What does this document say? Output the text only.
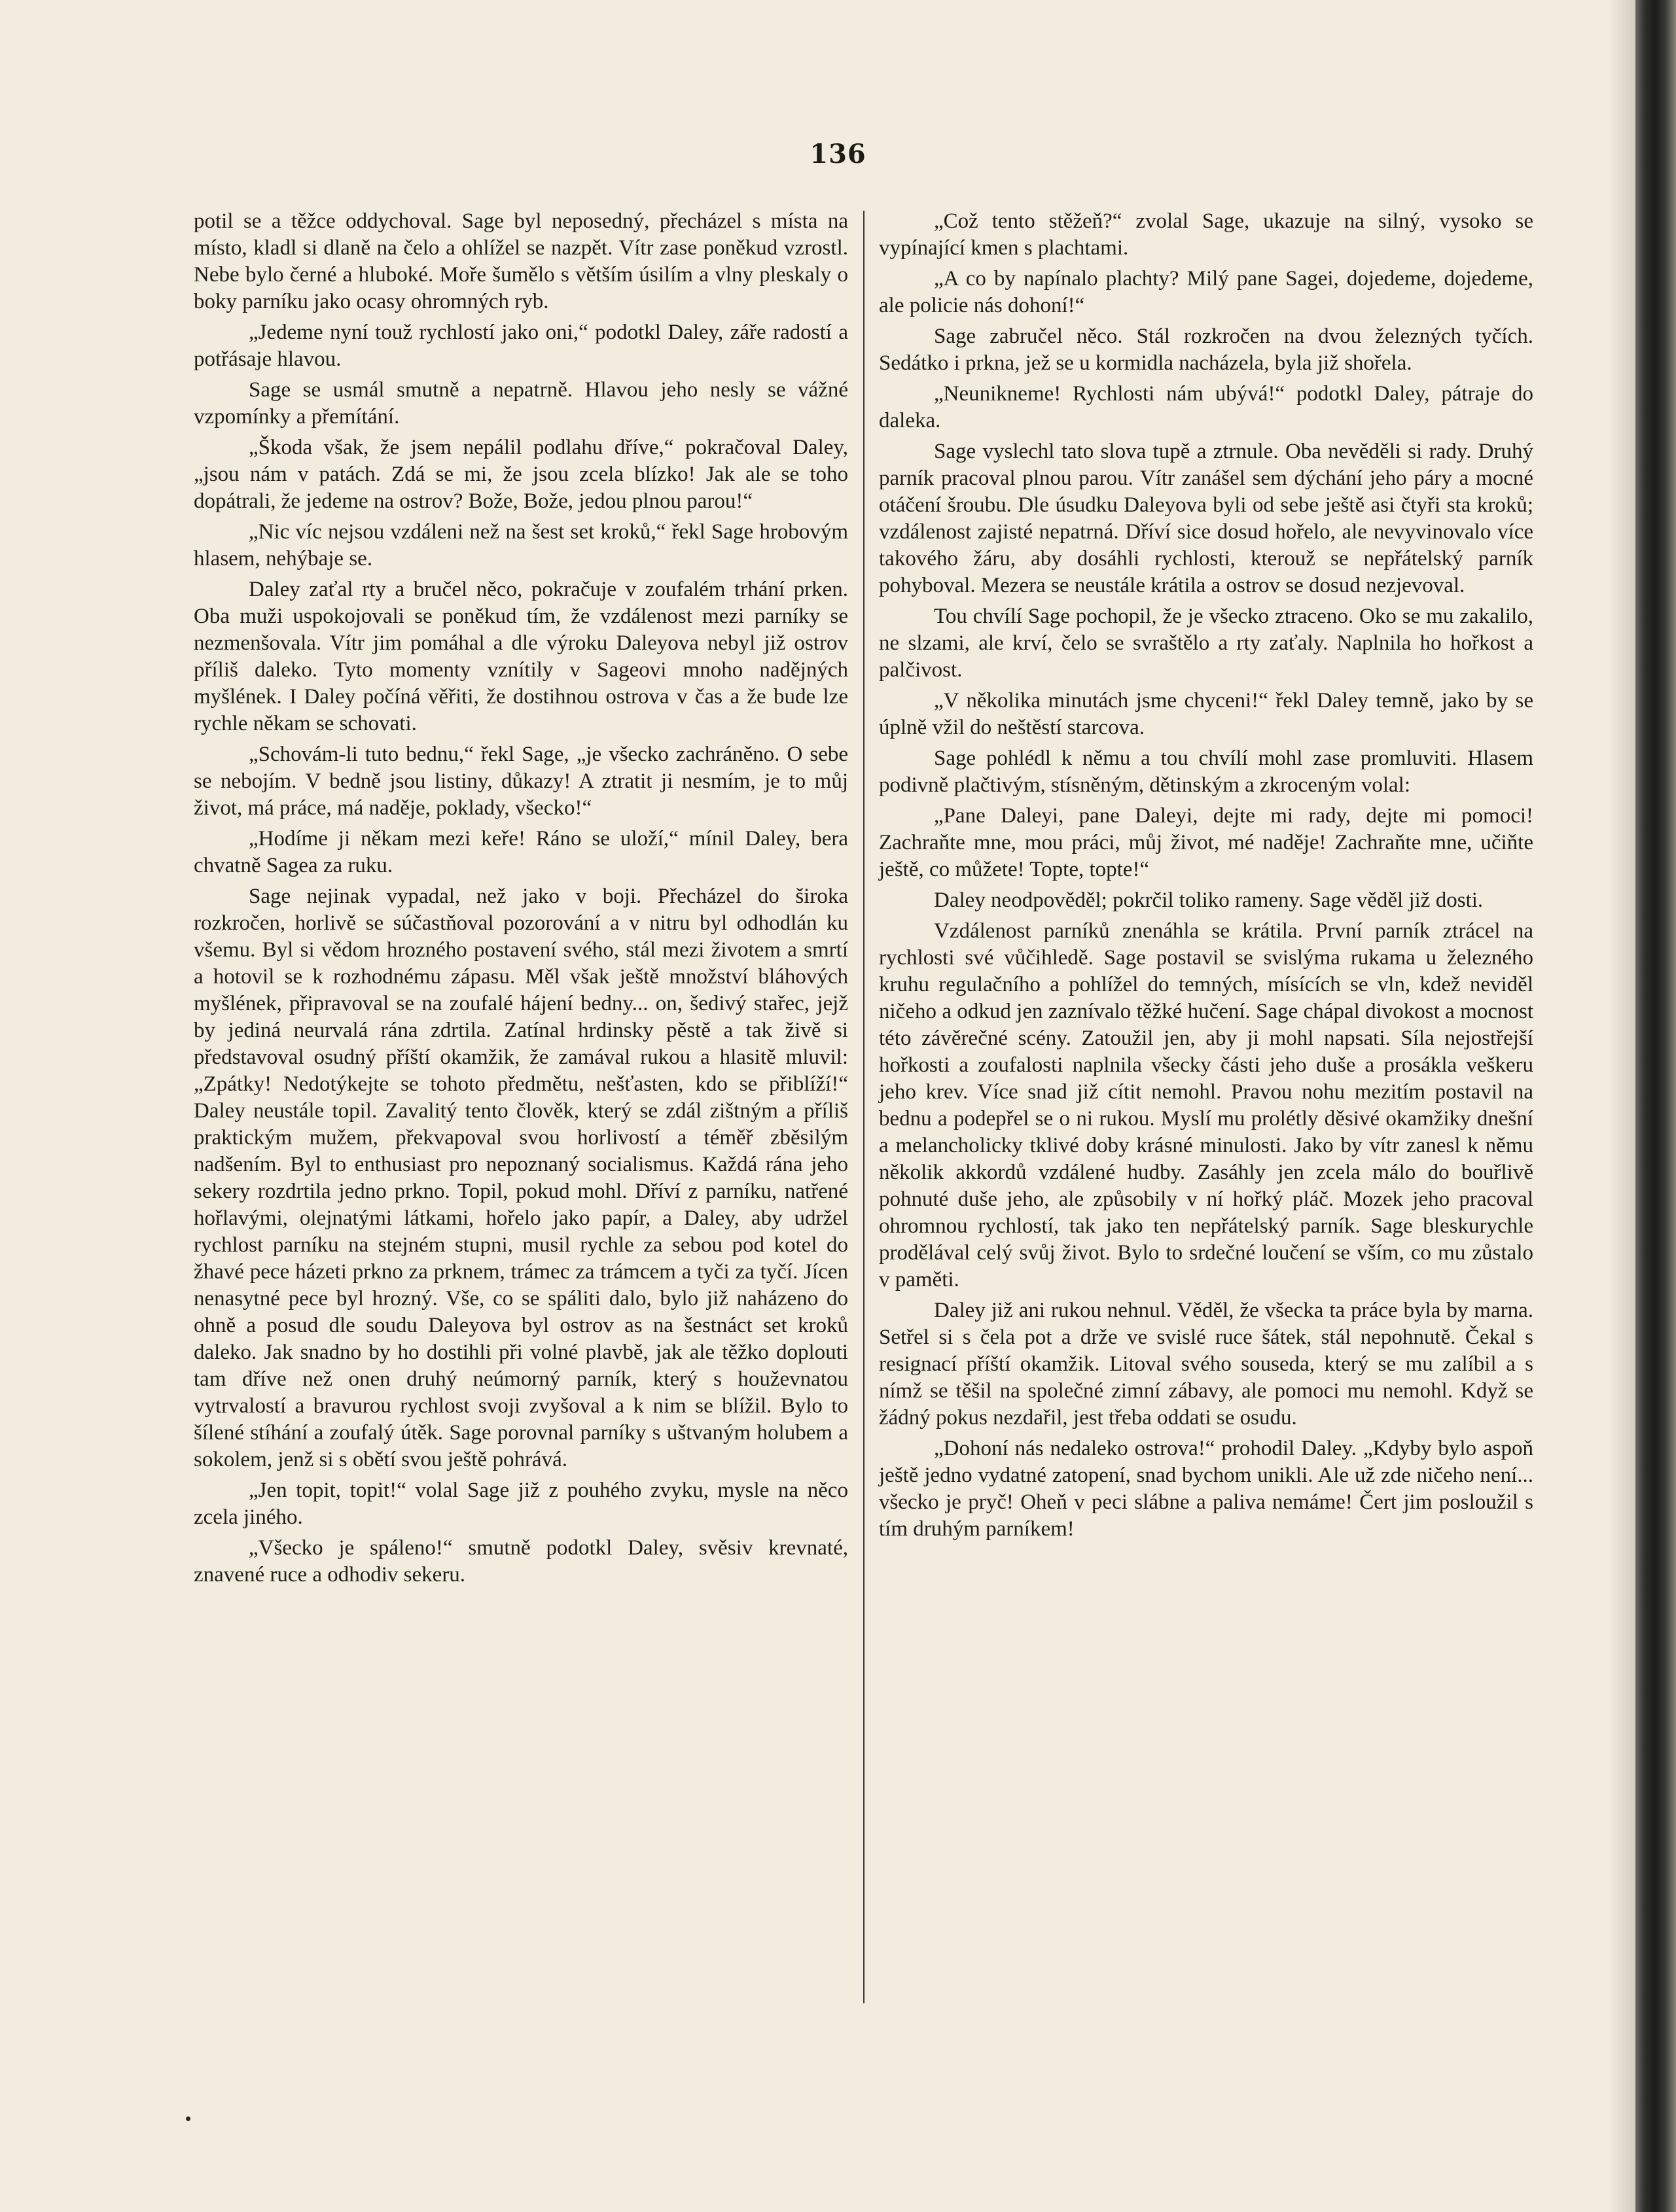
136

potil se a těžce oddychoval. Sage byl neposedný, přecházel s místa na místo, kladl si dlaně na čelo a ohlížel se nazpět. Vítr zase poněkud vzrostl. Nebe bylo černé a hluboké. Moře šumělo s větším úsilím a vlny pleskaly o boky parníku jako ocasy ohromných ryb.

„Jedeme nyní touž rychlostí jako oni,“ podotkl Daley, záře radostí a potřásaje hlavou.

Sage se usmál smutně a nepatrně. Hlavou jeho nesly se vážné vzpomínky a přemítání.

„Škoda však, že jsem nepálil podlahu dříve,“ pokračoval Daley, „jsou nám v patách. Zdá se mi, že jsou zcela blízko! Jak ale se toho dopátrali, že jedeme na ostrov? Bože, Bože, jedou plnou parou!“

„Nic víc nejsou vzdáleni než na šest set kroků,“ řekl Sage hrobovým hlasem, nehýbaje se.

Daley zaťal rty a bručel něco, pokračuje v zoufalém trhání prken. Oba muži uspokojovali se poněkud tím, že vzdálenost mezi parníky se nezmenšovala. Vítr jim pomáhal a dle výroku Daleyova nebyl již ostrov příliš daleko. Tyto momenty vznítily v Sageovi mnoho nadějných myšlének. I Daley počíná věřiti, že dostihnou ostrova v čas a že bude lze rychle někam se schovati.

„Schovám-li tuto bednu,“ řekl Sage, „je všecko zachráněno. O sebe se nebojím. V bedně jsou listiny, důkazy! A ztratit ji nesmím, je to můj život, má práce, má naděje, poklady, všecko!“

„Hodíme ji někam mezi keře! Ráno se uloží,“ mínil Daley, bera chvatně Sagea za ruku.

Sage nejinak vypadal, než jako v boji. Přecházel do široka rozkročen, horlivě se súčastňoval pozorování a v nitru byl odhodlán ku všemu. Byl si vědom hrozného postavení svého, stál mezi životem a smrtí a hotovil se k rozhodnému zápasu. Měl však ještě množství bláhových myšlének, připravoval se na zoufalé hájení bedny... on, šedivý stařec, jejž by jediná neurvalá rána zdrtila. Zatínal hrdinsky pěstě a tak živě si představoval osudný příští okamžik, že zamával rukou a hlasitě mluvil: „Zpátky! Nedotýkejte se tohoto předmětu, nešťasten, kdo se přiblíží!“ Daley neustále topil. Zavalitý tento člověk, který se zdál zištným a příliš praktickým mužem, překvapoval svou horlivostí a téměř zběsilým nadšením. Byl to enthusiast pro nepoznaný socialismus. Každá rána jeho sekery rozdrtila jedno prkno. Topil, pokud mohl. Dříví z parníku, natřené hořlavými, olejnatými látkami, hořelo jako papír, a Daley, aby udržel rychlost parníku na stejném stupni, musil rychle za sebou pod kotel do žhavé pece házeti prkno za prknem, trámec za trámcem a tyči za tyčí. Jícen nenasytné pece byl hrozný. Vše, co se spáliti dalo, bylo již naházeno do ohně a posud dle soudu Daleyova byl ostrov as na šestnáct set kroků daleko. Jak snadno by ho dostihli při volné plavbě, jak ale těžko doplouti tam dříve než onen druhý neúmorný parník, který s houževnatou vytrvalostí a bravurou rychlost svoji zvyšoval a k nim se blížil. Bylo to šílené stíhání a zoufalý útěk. Sage porovnal parníky s uštvaným holubem a sokolem, jenž si s obětí svou ještě pohrává.

„Jen topit, topit!“ volal Sage již z pouhého zvyku, mysle na něco zcela jiného.

„Všecko je spáleno!“ smutně podotkl Daley, svěsiv krevnaté, znavené ruce a odhodiv sekeru.

„Což tento stěžeň?“ zvolal Sage, ukazuje na silný, vysoko se vypínající kmen s plachtami.

„A co by napínalo plachty? Milý pane Sagei, dojedeme, dojedeme, ale policie nás dohoní!“

Sage zabručel něco. Stál rozkročen na dvou železných tyčích. Sedátko i prkna, jež se u kormidla nacházela, byla již shořela.

„Neunikneme! Rychlosti nám ubývá!“ podotkl Daley, pátraje do daleka.

Sage vyslechl tato slova tupě a ztrnule. Oba nevěděli si rady. Druhý parník pracoval plnou parou. Vítr zanášel sem dýchání jeho páry a mocné otáčení šroubu. Dle úsudku Daleyova byli od sebe ještě asi čtyři sta kroků; vzdálenost zajisté nepatrná. Dříví sice dosud hořelo, ale nevyvinovalo více takového žáru, aby dosáhli rychlosti, kterouž se nepřátelský parník pohyboval. Mezera se neustále krátila a ostrov se dosud nezjevoval.

Tou chvílí Sage pochopil, že je všecko ztraceno. Oko se mu zakalilo, ne slzami, ale krví, čelo se svraštělo a rty zaťaly. Naplnila ho hořkost a palčivost.

„V několika minutách jsme chyceni!“ řekl Daley temně, jako by se úplně vžil do neštěstí starcova.

Sage pohlédl k němu a tou chvílí mohl zase promluviti. Hlasem podivně plačtivým, stísněným, dětinským a zkroceným volal:

„Pane Daleyi, pane Daleyi, dejte mi rady, dejte mi pomoci! Zachraňte mne, mou práci, můj život, mé naděje! Zachraňte mne, učiňte ještě, co můžete! Topte, topte!“

Daley neodpověděl; pokrčil toliko rameny. Sage věděl již dosti.

Vzdálenost parníků znenáhla se krátila. První parník ztrácel na rychlosti své vůčihledě. Sage postavil se svislýma rukama u železného kruhu regulačního a pohlížel do temných, mísících se vln, kdež neviděl ničeho a odkud jen zaznívalo těžké hučení. Sage chápal divokost a mocnost této závěrečné scény. Zatoužil jen, aby ji mohl napsati. Síla nejostřejší hořkosti a zoufalosti naplnila všecky části jeho duše a prosákla veškeru jeho krev. Více snad již cítit nemohl. Pravou nohu mezitím postavil na bednu a podepřel se o ni rukou. Myslí mu prolétly děsivé okamžiky dnešní a melancholicky tklivé doby krásné minulosti. Jako by vítr zanesl k němu několik akkordů vzdálené hudby. Zasáhly jen zcela málo do bouřlivě pohnuté duše jeho, ale způsobily v ní hořký pláč. Mozek jeho pracoval ohromnou rychlostí, tak jako ten nepřátelský parník. Sage bleskurychle prodělával celý svůj život. Bylo to srdečné loučení se vším, co mu zůstalo v paměti.

Daley již ani rukou nehnul. Věděl, že všecka ta práce byla by marna. Setřel si s čela pot a drže ve svislé ruce šátek, stál nepohnutě. Čekal s resignací příští okamžik. Litoval svého souseda, který se mu zalíbil a s nímž se těšil na společné zimní zábavy, ale pomoci mu nemohl. Když se žádný pokus nezdařil, jest třeba oddati se osudu.

„Dohoní nás nedaleko ostrova!“ prohodil Daley. „Kdyby bylo aspoň ještě jedno vydatné zatopení, snad bychom unikli. Ale už zde ničeho není... všecko je pryč! Oheň v peci slábne a paliva nemáme! Čert jim posloužil s tím druhým parníkem!
